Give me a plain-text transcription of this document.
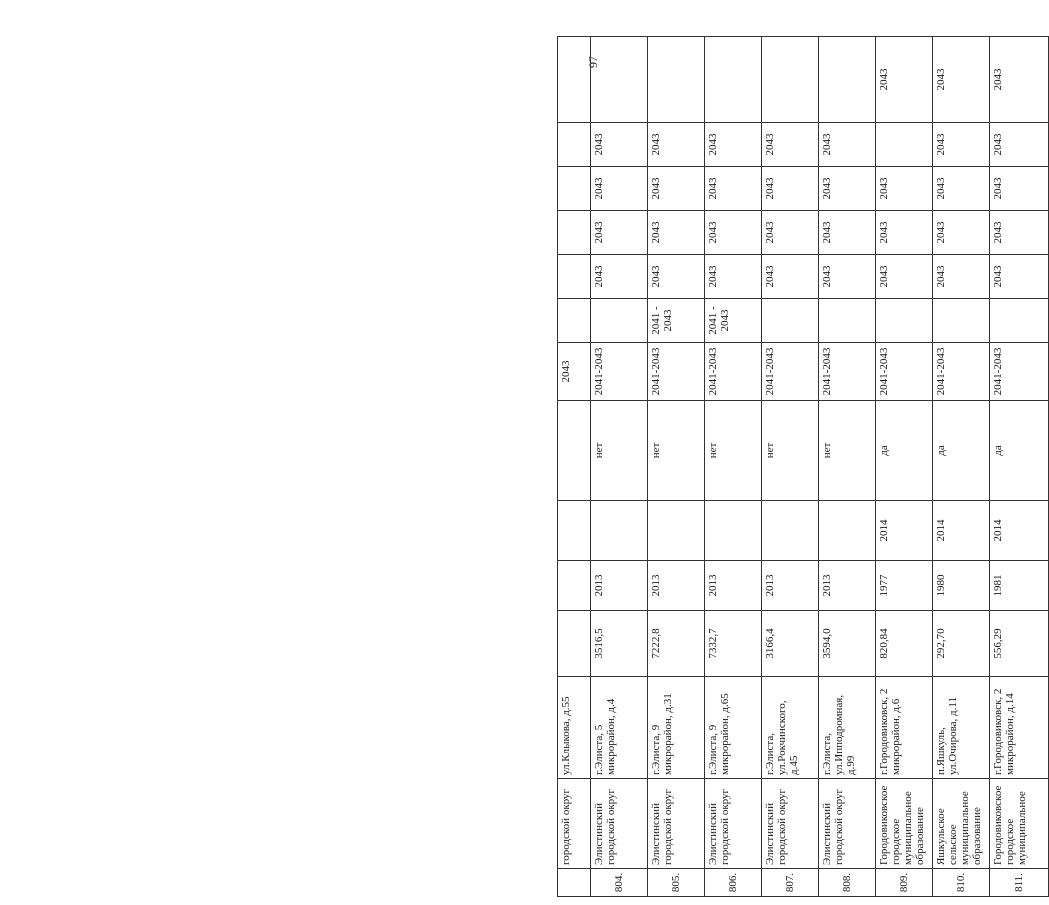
97
	городской округ	ул.Клыкова, д.55					2043						
804.	Элистинский городской округ	г.Элиста, 5 микрорайон, д.4	3516,5	2013		нет	2041-2043		2043	2043	2043	2043	
805.	Элистинский городской округ	г.Элиста, 9 микрорайон, д.31	7222,8	2013		нет	2041-2043	2041 - 2043	2043	2043	2043	2043	
806.	Элистинский городской округ	г.Элиста, 9 микрорайон, д.65	7332,7	2013		нет	2041-2043	2041 - 2043	2043	2043	2043	2043	
807.	Элистинский городской округ	г.Элиста, ул.Рокчинского, д.45	3166,4	2013		нет	2041-2043		2043	2043	2043	2043	
808.	Элистинский городской округ	г.Элиста, ул.Ипподромная, д.99	3594,0	2013		нет	2041-2043		2043	2043	2043	2043	
809.	Городовиковское городское муниципальное образование	г.Городовиковск, 2 микрорайон, д.6	820,84	1977	2014	да	2041-2043		2043	2043	2043		2043
810.	Яшкульское сельское муниципальное образование	п.Яшкуль, ул.Очирова, д.11	292,70	1980	2014	да	2041-2043		2043	2043	2043	2043	2043
811.	Городовиковское городское муниципальное	г.Городовиковск, 2 микрорайон, д.14	556,29	1981	2014	да	2041-2043		2043	2043	2043	2043	2043
